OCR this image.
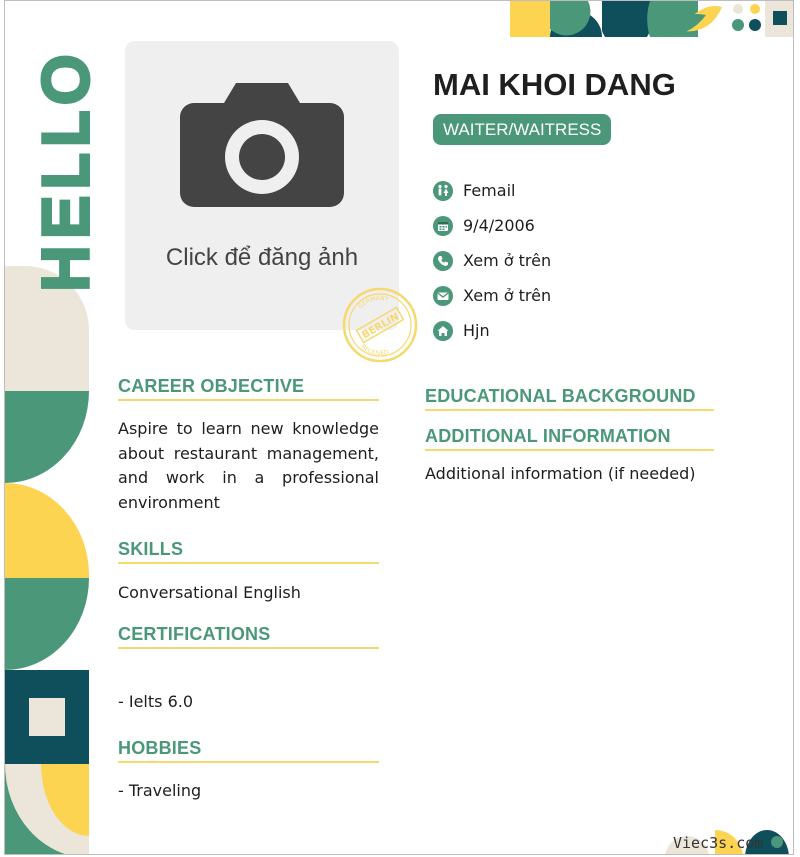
HELLO	Click để đăng ảnh
GERMANY
BERLIN
RECEIVED
MAI KHOI DANG
WAITER/WAITRESS
Femail
9/4/2006
Xem ở trên
Xem ở trên
Hjn
CAREER OBJECTIVE

Aspire to learn new knowledge about restaurant management, and work in a professional environment

SKILLS

Conversational English

CERTIFICATIONS

- Ielts 6.0

HOBBIES

- Traveling

EDUCATIONAL BACKGROUND
ADDITIONAL INFORMATION

Additional information (if needed)

Viec3s.com
